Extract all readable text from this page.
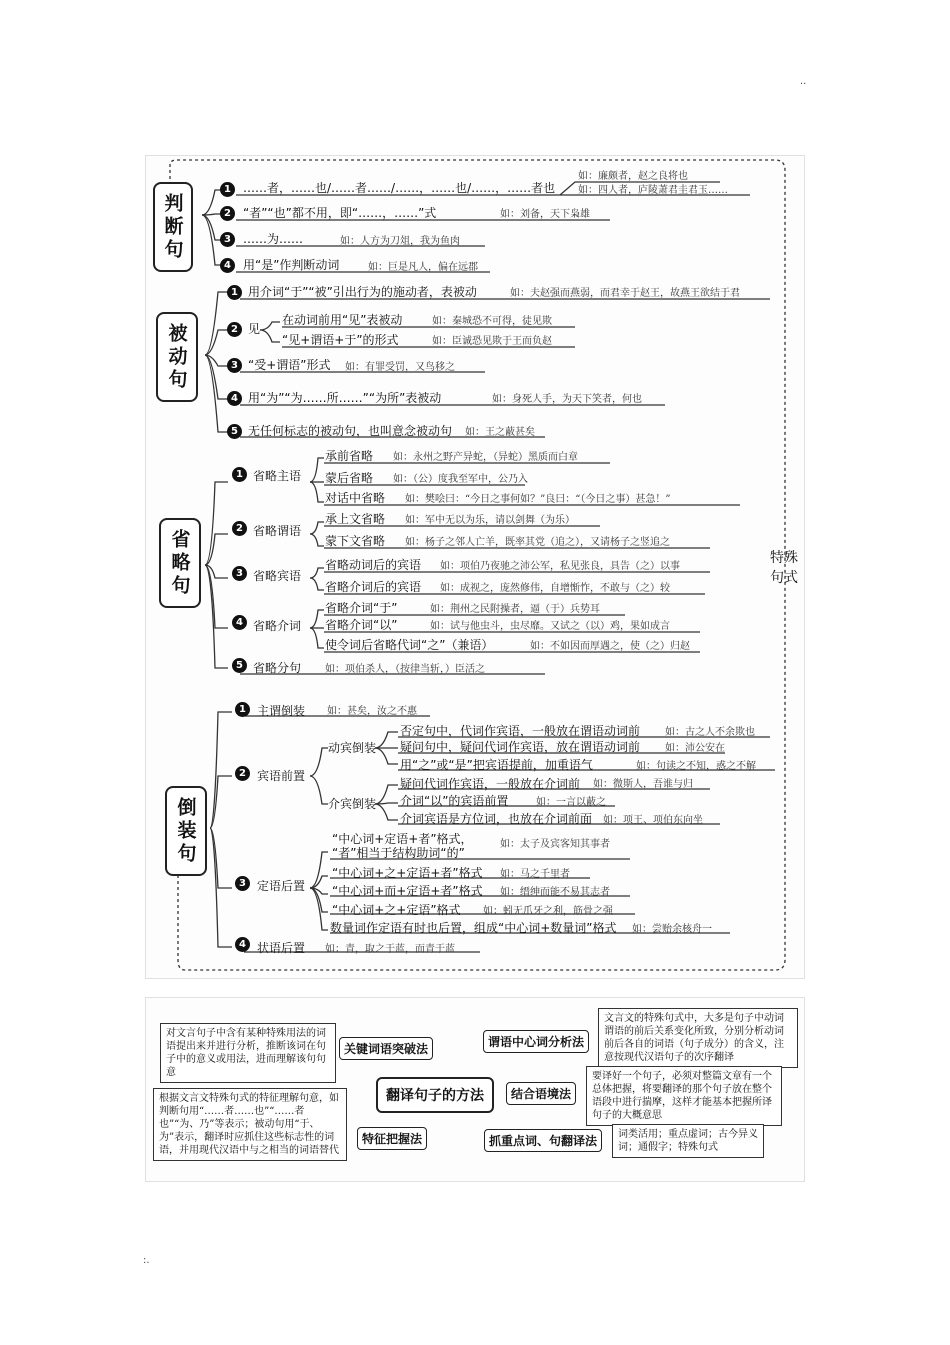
..
:.
特殊
句式
判断句
1	……者，……也/……者……/……，……也/……，……者也
如：廉颇者，赵之良将也
如：四人者，庐陵萧君圭君玉……
2	“者”“也”都不用，即“……，……”式	如：刘备，天下枭雄
3	……为……	如：人方为刀俎，我为鱼肉
4	用“是”作判断动词	如：巨是凡人，偏在远郡
被动句
1 用介词“于”“被”引出行为的施动者，表被动	如：夫赵强而燕弱，而君幸于赵王，故燕王欲结于君
2 见
在动词前用“见”表被动	如：秦城恐不可得，徒见欺
“见+谓语+于”的形式	如：臣诚恐见欺于王而负赵
3 “受+谓语”形式 如：有罪受罚，又鸟移之
4 用“为”“为……所……”“为所”表被动	如：身死人手，为天下笑者，何也
5 无任何标志的被动句，也叫意念被动句 如：王之蔽甚矣
省略句
1 省略主语
承前省略 如：永州之野产异蛇，（异蛇）黑质而白章
蒙后省略 如：（公）度我至军中，公乃入
对话中省略 如：樊哙曰：“今日之事何如？”良曰：“（今日之事）甚急！”
2 省略谓语
承上文省略 如：军中无以为乐，请以剑舞（为乐）
蒙下文省略 如：杨子之邻人亡羊，既率其党（追之），又请杨子之竖追之
3 省略宾语
省略动词后的宾语 如：项伯乃夜驰之沛公军，私见张良，具告（之）以事
省略介词后的宾语 如：成视之，庞然修伟，自增惭怍，不敢与（之）较
4 省略介词
省略介词“于”	如：荆州之民附操者，逼（于）兵势耳
省略介词“以”	如：试与他虫斗，虫尽靡。又试之（以）鸡，果如成言
使令词后省略代词“之”（兼语）	如：不如因而厚遇之，使（之）归赵
5 省略分句 如：项伯杀人，（按律当斩，）臣活之
倒装句
1 主谓倒装 如：甚矣，汝之不惠
2 宾语前置
动宾倒装
否定句中，代词作宾语，一般放在谓语动词前 如：古之人不余欺也
疑问句中，疑问代词作宾语，放在谓语动词前 如：沛公安在
用“之”或“是”把宾语提前，加重语气	如：句读之不知，惑之不解
介宾倒装
疑问代词作宾语，一般放在介词前 如：微斯人，吾谁与归
介词“以”的宾语前置	如：一言以蔽之
介词宾语是方位词，也放在介词前面 如：项王、项伯东向坐
3 定语后置
“中心词+定语+者”格式，
“者”相当于结构助词“的”
如：太子及宾客知其事者
“中心词+之+定语+者”格式 如：马之千里者
“中心词+而+定语+者”格式 如：缙绅而能不易其志者
“中心词+之+定语”格式 如：蚓无爪牙之利，筋骨之强
数量词作定语有时也后置，组成“中心词+数量词”格式 如：尝贻余核舟一
4 状语后置 如：青，取之于蓝，而青于蓝
翻译句子的方法
关键词语突破法
对文言句子中含有某种特殊用法的词语提出来并进行分析，推断该词在句子中的意义或用法，进而理解该句句意
特征把握法
根据文言文特殊句式的特征理解句意，如判断句用“……者……也”“……者也”“为、乃”等表示；被动句用“于、为”表示，翻译时应抓住这些标志性的词语，并用现代汉语中与之相当的词语替代
谓语中心词分析法
文言文的特殊句式中，大多是句子中动词谓语的前后关系变化所致，分别分析动词前后各自的词语（句子成分）的含义，注意按现代汉语句子的次序翻译
结合语境法
要译好一个句子，必须对整篇文章有一个总体把握，将要翻译的那个句子放在整个语段中进行揣摩，这样才能基本把握所译句子的大概意思
抓重点词、句翻译法	词类活用；重点虚词；古今异义词；通假字；特殊句式
